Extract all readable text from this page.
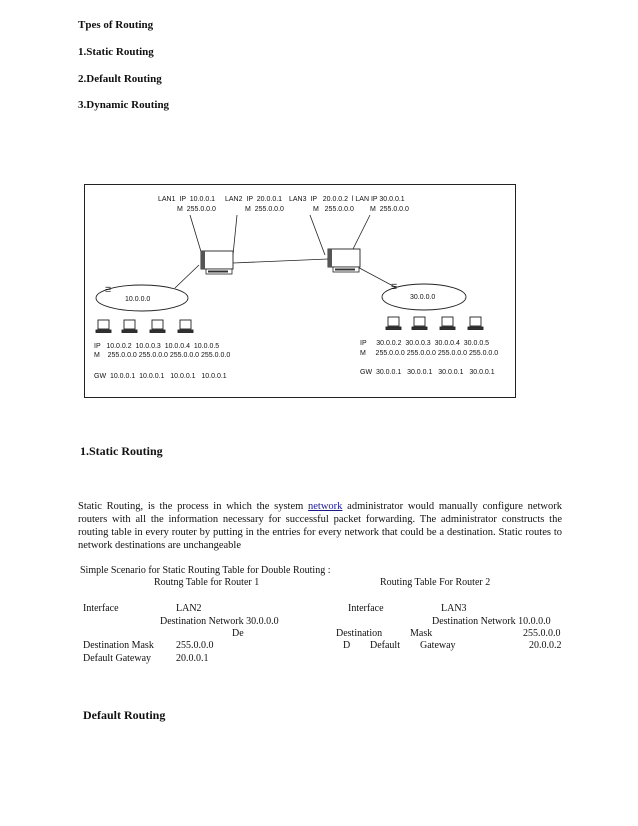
Tpes of Routing
1.Static Routing
2.Default Routing
3.Dynamic Routing
LAN1  IP  10.0.0.1
M  255.0.0.0
LAN2  IP  20.0.0.1
M  255.0.0.0
LAN3  IP   20.0.0.2  l LAN IP 30.0.0.1
M   255.0.0.0 M  255.0.0.0
10.0.0.0
☰
30.0.0.0
☰
IP   10.0.0.2  10.0.0.3  10.0.0.4  10.0.0.5
M    255.0.0.0 255.0.0.0 255.0.0.0 255.0.0.0
GW  10.0.0.1  10.0.0.1   10.0.0.1   10.0.0.1
IP     30.0.0.2  30.0.0.3  30.0.0.4  30.0.0.5
M     255.0.0.0 255.0.0.0 255.0.0.0 255.0.0.0
GW  30.0.0.1   30.0.0.1   30.0.0.1   30.0.0.1
1.Static Routing
Static Routing, is the process in which the system network administrator would manually configure network routers with all the information necessary for successful packet forwarding. The administrator constructs the routing table in every router by putting in the entries for every network that could be a destination. Static routes to network destinations are unchangeable
Simple Scenario for Static Routing Table for Double Routing :
Routng Table for Router 1	Routing Table For Router 2
Interface	LAN2
Destination Network 30.0.0.0
De
Destination Mask 255.0.0.0
Default Gateway 20.0.0.1
Interface	LAN3
Destination Network 10.0.0.0
Destination	Mask	255.0.0.0
D Default Gateway	20.0.0.2
Default Routing
